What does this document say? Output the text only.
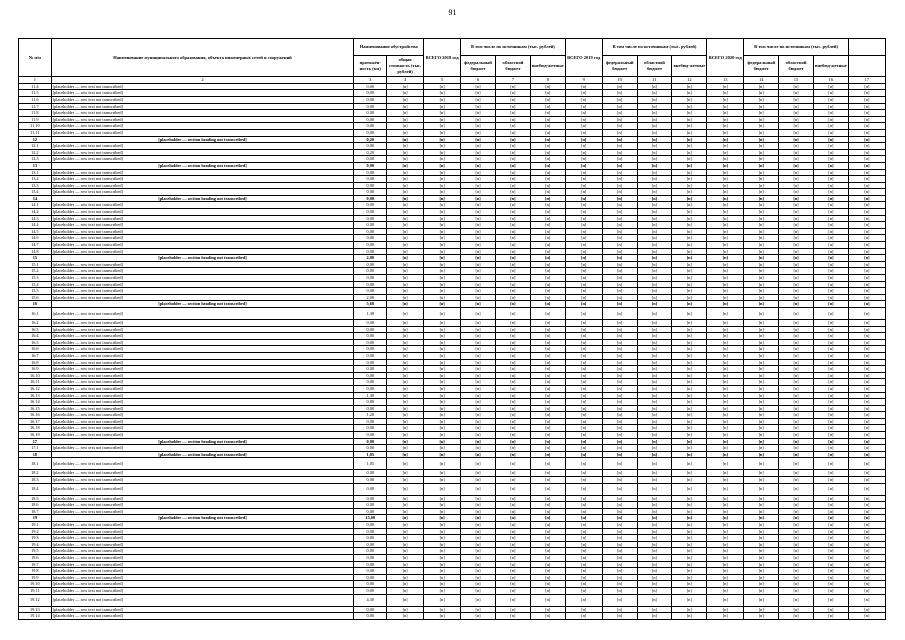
91
№ п/п	Наименование муниципального образования, объекта инженерных сетей и сооружений	Наименование обустройства		ВСЕГО 2018 год	В том числе по источникам (тыс. рублей)			ВСЕГО 2019 год	В том числе по источникам (тыс. рублей)			ВСЕГО 2020 год	В том числе по источникам (тыс. рублей)			
		протяжён-ность (км)	общая стоимость (тыс. рублей)		федеральный бюджет	областной бюджет	внебюд-жетные		федеральный бюджет	областной бюджет	внебюд-жетные		федеральный бюджет	областной бюджет	внебюд-жетные	
1	2	3	4	5	6	7	8	9	10	11	12	13	14	15	16	17
11.4	[placeholder — row text not transcribed]	0,00	[n]	[n]	[n]	[n]	[n]	[n]	[n]	[n]	[n]	[n]	[n]	[n]	[n]	[n]
11.5	[placeholder — row text not transcribed]	0,00	[n]	[n]	[n]	[n]	[n]	[n]	[n]	[n]	[n]	[n]	[n]	[n]	[n]	[n]
11.6	[placeholder — row text not transcribed]	0,00	[n]	[n]	[n]	[n]	[n]	[n]	[n]	[n]	[n]	[n]	[n]	[n]	[n]	[n]
11.7	[placeholder — row text not transcribed]	0,00	[n]	[n]	[n]	[n]	[n]	[n]	[n]	[n]	[n]	[n]	[n]	[n]	[n]	[n]
11.8	[placeholder — row text not transcribed]	0,00	[n]	[n]	[n]	[n]	[n]	[n]	[n]	[n]	[n]	[n]	[n]	[n]	[n]	[n]
11.9	[placeholder — row text not transcribed]	0,00	[n]	[n]	[n]	[n]	[n]	[n]	[n]	[n]	[n]	[n]	[n]	[n]	[n]	[n]
11.10	[placeholder — row text not transcribed]	0,00	[n]	[n]	[n]	[n]	[n]	[n]	[n]	[n]	[n]	[n]	[n]	[n]	[n]	[n]
11.11	[placeholder — row text not transcribed]	0,00	[n]	[n]	[n]	[n]	[n]	[n]	[n]	[n]	[n]	[n]	[n]	[n]	[n]	[n]
12	[placeholder — section heading not transcribed]	0,20	[n]	[n]	[n]	[n]	[n]	[n]	[n]	[n]	[n]	[n]	[n]	[n]	[n]	[n]
12.1	[placeholder — row text not transcribed]	0,00	[n]	[n]	[n]	[n]	[n]	[n]	[n]	[n]	[n]	[n]	[n]	[n]	[n]	[n]
12.2	[placeholder — row text not transcribed]	0,20	[n]	[n]	[n]	[n]	[n]	[n]	[n]	[n]	[n]	[n]	[n]	[n]	[n]	[n]
12.3	[placeholder — row text not transcribed]	0,00	[n]	[n]	[n]	[n]	[n]	[n]	[n]	[n]	[n]	[n]	[n]	[n]	[n]	[n]
13	[placeholder — section heading not transcribed]	0,90	[n]	[n]	[n]	[n]	[n]	[n]	[n]	[n]	[n]	[n]	[n]	[n]	[n]	[n]
13.1	[placeholder — row text not transcribed]	0,00	[n]	[n]	[n]	[n]	[n]	[n]	[n]	[n]	[n]	[n]	[n]	[n]	[n]	[n]
13.2	[placeholder — row text not transcribed]	0,00	[n]	[n]	[n]	[n]	[n]	[n]	[n]	[n]	[n]	[n]	[n]	[n]	[n]	[n]
13.3	[placeholder — row text not transcribed]	0,90	[n]	[n]	[n]	[n]	[n]	[n]	[n]	[n]	[n]	[n]	[n]	[n]	[n]	[n]
13.4	[placeholder — row text not transcribed]	0,00	[n]	[n]	[n]	[n]	[n]	[n]	[n]	[n]	[n]	[n]	[n]	[n]	[n]	[n]
14	[placeholder — section heading not transcribed]	0,00	[n]	[n]	[n]	[n]	[n]	[n]	[n]	[n]	[n]	[n]	[n]	[n]	[n]	[n]
14.1	[placeholder — row text not transcribed]	0,00	[n]	[n]	[n]	[n]	[n]	[n]	[n]	[n]	[n]	[n]	[n]	[n]	[n]	[n]
14.2	[placeholder — row text not transcribed]	0,00	[n]	[n]	[n]	[n]	[n]	[n]	[n]	[n]	[n]	[n]	[n]	[n]	[n]	[n]
14.3	[placeholder — row text not transcribed]	0,00	[n]	[n]	[n]	[n]	[n]	[n]	[n]	[n]	[n]	[n]	[n]	[n]	[n]	[n]
14.4	[placeholder — row text not transcribed]	0,00	[n]	[n]	[n]	[n]	[n]	[n]	[n]	[n]	[n]	[n]	[n]	[n]	[n]	[n]
14.5	[placeholder — row text not transcribed]	0,00	[n]	[n]	[n]	[n]	[n]	[n]	[n]	[n]	[n]	[n]	[n]	[n]	[n]	[n]
14.6	[placeholder — row text not transcribed]	0,00	[n]	[n]	[n]	[n]	[n]	[n]	[n]	[n]	[n]	[n]	[n]	[n]	[n]	[n]
14.7	[placeholder — row text not transcribed]	0,00	[n]	[n]	[n]	[n]	[n]	[n]	[n]	[n]	[n]	[n]	[n]	[n]	[n]	[n]
14.8	[placeholder — row text not transcribed]	0,00	[n]	[n]	[n]	[n]	[n]	[n]	[n]	[n]	[n]	[n]	[n]	[n]	[n]	[n]
15	[placeholder — section heading not transcribed]	2,00	[n]	[n]	[n]	[n]	[n]	[n]	[n]	[n]	[n]	[n]	[n]	[n]	[n]	[n]
15.1	[placeholder — row text not transcribed]	0,00	[n]	[n]	[n]	[n]	[n]	[n]	[n]	[n]	[n]	[n]	[n]	[n]	[n]	[n]
15.2	[placeholder — row text not transcribed]	0,00	[n]	[n]	[n]	[n]	[n]	[n]	[n]	[n]	[n]	[n]	[n]	[n]	[n]	[n]
15.3	[placeholder — row text not transcribed]	0,00	[n]	[n]	[n]	[n]	[n]	[n]	[n]	[n]	[n]	[n]	[n]	[n]	[n]	[n]
15.4	[placeholder — row text not transcribed]	0,00	[n]	[n]	[n]	[n]	[n]	[n]	[n]	[n]	[n]	[n]	[n]	[n]	[n]	[n]
15.5	[placeholder — row text not transcribed]	0,00	[n]	[n]	[n]	[n]	[n]	[n]	[n]	[n]	[n]	[n]	[n]	[n]	[n]	[n]
15.6	[placeholder — row text not transcribed]	2,00	[n]	[n]	[n]	[n]	[n]	[n]	[n]	[n]	[n]	[n]	[n]	[n]	[n]	[n]
16	[placeholder — section heading not transcribed]	5,68	[n]	[n]	[n]	[n]	[n]	[n]	[n]	[n]	[n]	[n]	[n]	[n]	[n]	[n]
16.1	[placeholder — row text not transcribed]	1,38	[n]	[n]	[n]	[n]	[n]	[n]	[n]	[n]	[n]	[n]	[n]	[n]	[n]	[n]
16.2	[placeholder — row text not transcribed]	0,00	[n]	[n]	[n]	[n]	[n]	[n]	[n]	[n]	[n]	[n]	[n]	[n]	[n]	[n]
16.3	[placeholder — row text not transcribed]	0,00	[n]	[n]	[n]	[n]	[n]	[n]	[n]	[n]	[n]	[n]	[n]	[n]	[n]	[n]
16.4	[placeholder — row text not transcribed]	0,00	[n]	[n]	[n]	[n]	[n]	[n]	[n]	[n]	[n]	[n]	[n]	[n]	[n]	[n]
16.5	[placeholder — row text not transcribed]	0,00	[n]	[n]	[n]	[n]	[n]	[n]	[n]	[n]	[n]	[n]	[n]	[n]	[n]	[n]
16.6	[placeholder — row text not transcribed]	0,00	[n]	[n]	[n]	[n]	[n]	[n]	[n]	[n]	[n]	[n]	[n]	[n]	[n]	[n]
16.7	[placeholder — row text not transcribed]	0,00	[n]	[n]	[n]	[n]	[n]	[n]	[n]	[n]	[n]	[n]	[n]	[n]	[n]	[n]
16.8	[placeholder — row text not transcribed]	0,00	[n]	[n]	[n]	[n]	[n]	[n]	[n]	[n]	[n]	[n]	[n]	[n]	[n]	[n]
16.9	[placeholder — row text not transcribed]	0,00	[n]	[n]	[n]	[n]	[n]	[n]	[n]	[n]	[n]	[n]	[n]	[n]	[n]	[n]
16.10	[placeholder — row text not transcribed]	0,00	[n]	[n]	[n]	[n]	[n]	[n]	[n]	[n]	[n]	[n]	[n]	[n]	[n]	[n]
16.11	[placeholder — row text not transcribed]	0,00	[n]	[n]	[n]	[n]	[n]	[n]	[n]	[n]	[n]	[n]	[n]	[n]	[n]	[n]
16.12	[placeholder — row text not transcribed]	0,00	[n]	[n]	[n]	[n]	[n]	[n]	[n]	[n]	[n]	[n]	[n]	[n]	[n]	[n]
16.13	[placeholder — row text not transcribed]	1,30	[n]	[n]	[n]	[n]	[n]	[n]	[n]	[n]	[n]	[n]	[n]	[n]	[n]	[n]
16.14	[placeholder — row text not transcribed]	0,80	[n]	[n]	[n]	[n]	[n]	[n]	[n]	[n]	[n]	[n]	[n]	[n]	[n]	[n]
16.15	[placeholder — row text not transcribed]	0,00	[n]	[n]	[n]	[n]	[n]	[n]	[n]	[n]	[n]	[n]	[n]	[n]	[n]	[n]
16.16	[placeholder — row text not transcribed]	1,20	[n]	[n]	[n]	[n]	[n]	[n]	[n]	[n]	[n]	[n]	[n]	[n]	[n]	[n]
16.17	[placeholder — row text not transcribed]	0,00	[n]	[n]	[n]	[n]	[n]	[n]	[n]	[n]	[n]	[n]	[n]	[n]	[n]	[n]
16.18	[placeholder — row text not transcribed]	0,00	[n]	[n]	[n]	[n]	[n]	[n]	[n]	[n]	[n]	[n]	[n]	[n]	[n]	[n]
16.19	[placeholder — row text not transcribed]	0,00	[n]	[n]	[n]	[n]	[n]	[n]	[n]	[n]	[n]	[n]	[n]	[n]	[n]	[n]
17	[placeholder — section heading not transcribed]	0,00	[n]	[n]	[n]	[n]	[n]	[n]	[n]	[n]	[n]	[n]	[n]	[n]	[n]	[n]
17.1	[placeholder — row text not transcribed]	0,00	[n]	[n]	[n]	[n]	[n]	[n]	[n]	[n]	[n]	[n]	[n]	[n]	[n]	[n]
18	[placeholder — section heading not transcribed]	1,05	[n]	[n]	[n]	[n]	[n]	[n]	[n]	[n]	[n]	[n]	[n]	[n]	[n]	[n]
18.1	[placeholder — row text not transcribed]	1,05	[n]	[n]	[n]	[n]	[n]	[n]	[n]	[n]	[n]	[n]	[n]	[n]	[n]	[n]
18.2	[placeholder — row text not transcribed]	0,00	[n]	[n]	[n]	[n]	[n]	[n]	[n]	[n]	[n]	[n]	[n]	[n]	[n]	[n]
18.3	[placeholder — row text not transcribed]	0,00	[n]	[n]	[n]	[n]	[n]	[n]	[n]	[n]	[n]	[n]	[n]	[n]	[n]	[n]
18.4	[placeholder — row text not transcribed]	0,00	[n]	[n]	[n]	[n]	[n]	[n]	[n]	[n]	[n]	[n]	[n]	[n]	[n]	[n]
18.5	[placeholder — row text not transcribed]	0,00	[n]	[n]	[n]	[n]	[n]	[n]	[n]	[n]	[n]	[n]	[n]	[n]	[n]	[n]
18.6	[placeholder — row text not transcribed]	0,00	[n]	[n]	[n]	[n]	[n]	[n]	[n]	[n]	[n]	[n]	[n]	[n]	[n]	[n]
18.7	[placeholder — row text not transcribed]	0,00	[n]	[n]	[n]	[n]	[n]	[n]	[n]	[n]	[n]	[n]	[n]	[n]	[n]	[n]
19	[placeholder — section heading not transcribed]	15,00	[n]	[n]	[n]	[n]	[n]	[n]	[n]	[n]	[n]	[n]	[n]	[n]	[n]	[n]
19.1	[placeholder — row text not transcribed]	0,00	[n]	[n]	[n]	[n]	[n]	[n]	[n]	[n]	[n]	[n]	[n]	[n]	[n]	[n]
19.2	[placeholder — row text not transcribed]	0,00	[n]	[n]	[n]	[n]	[n]	[n]	[n]	[n]	[n]	[n]	[n]	[n]	[n]	[n]
19.3	[placeholder — row text not transcribed]	0,00	[n]	[n]	[n]	[n]	[n]	[n]	[n]	[n]	[n]	[n]	[n]	[n]	[n]	[n]
19.4	[placeholder — row text not transcribed]	0,00	[n]	[n]	[n]	[n]	[n]	[n]	[n]	[n]	[n]	[n]	[n]	[n]	[n]	[n]
19.5	[placeholder — row text not transcribed]	0,00	[n]	[n]	[n]	[n]	[n]	[n]	[n]	[n]	[n]	[n]	[n]	[n]	[n]	[n]
19.6	[placeholder — row text not transcribed]	0,00	[n]	[n]	[n]	[n]	[n]	[n]	[n]	[n]	[n]	[n]	[n]	[n]	[n]	[n]
19.7	[placeholder — row text not transcribed]	0,00	[n]	[n]	[n]	[n]	[n]	[n]	[n]	[n]	[n]	[n]	[n]	[n]	[n]	[n]
19.8	[placeholder — row text not transcribed]	0,00	[n]	[n]	[n]	[n]	[n]	[n]	[n]	[n]	[n]	[n]	[n]	[n]	[n]	[n]
19.9	[placeholder — row text not transcribed]	0,00	[n]	[n]	[n]	[n]	[n]	[n]	[n]	[n]	[n]	[n]	[n]	[n]	[n]	[n]
19.10	[placeholder — row text not transcribed]	0,00	[n]	[n]	[n]	[n]	[n]	[n]	[n]	[n]	[n]	[n]	[n]	[n]	[n]	[n]
19.11	[placeholder — row text not transcribed]	0,00	[n]	[n]	[n]	[n]	[n]	[n]	[n]	[n]	[n]	[n]	[n]	[n]	[n]	[n]
19.12	[placeholder — row text not transcribed]	4,30	[n]	[n]	[n]	[n]	[n]	[n]	[n]	[n]	[n]	[n]	[n]	[n]	[n]	[n]
19.13	[placeholder — row text not transcribed]	0,00	[n]	[n]	[n]	[n]	[n]	[n]	[n]	[n]	[n]	[n]	[n]	[n]	[n]	[n]
19.14	[placeholder — row text not transcribed]	0,00	[n]	[n]	[n]	[n]	[n]	[n]	[n]	[n]	[n]	[n]	[n]	[n]	[n]	[n]
